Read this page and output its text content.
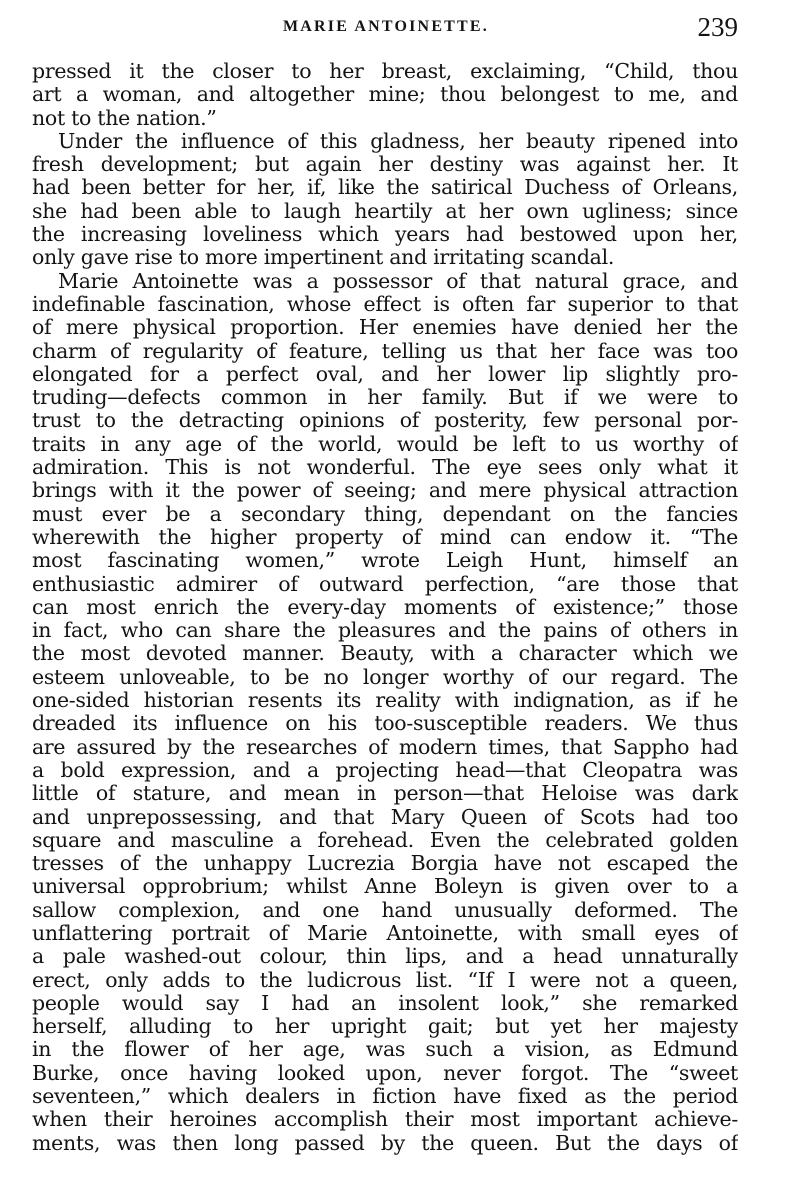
MARIE ANTOINETTE.	239
pressed it the closer to her breast, exclaiming, “Child, thou
art a woman, and altogether mine; thou belongest to me, and
not to the nation.”
Under the influence of this gladness, her beauty ripened into
fresh development; but again her destiny was against her. It
had been better for her, if, like the satirical Duchess of Orleans,
she had been able to laugh heartily at her own ugliness; since
the increasing loveliness which years had bestowed upon her,
only gave rise to more impertinent and irritating scandal.
Marie Antoinette was a possessor of that natural grace, and
indefinable fascination, whose effect is often far superior to that
of mere physical proportion. Her enemies have denied her the
charm of regularity of feature, telling us that her face was too
elongated for a perfect oval, and her lower lip slightly pro-
truding—defects common in her family. But if we were to
trust to the detracting opinions of posterity, few personal por-
traits in any age of the world, would be left to us worthy of
admiration. This is not wonderful. The eye sees only what it
brings with it the power of seeing; and mere physical attraction
must ever be a secondary thing, dependant on the fancies
wherewith the higher property of mind can endow it. “The
most fascinating women,” wrote Leigh Hunt, himself an
enthusiastic admirer of outward perfection, “are those that
can most enrich the every-day moments of existence;” those
in fact, who can share the pleasures and the pains of others in
the most devoted manner. Beauty, with a character which we
esteem unloveable, to be no longer worthy of our regard. The
one-sided historian resents its reality with indignation, as if he
dreaded its influence on his too-susceptible readers. We thus
are assured by the researches of modern times, that Sappho had
a bold expression, and a projecting head—that Cleopatra was
little of stature, and mean in person—that Heloise was dark
and unprepossessing, and that Mary Queen of Scots had too
square and masculine a forehead. Even the celebrated golden
tresses of the unhappy Lucrezia Borgia have not escaped the
universal opprobrium; whilst Anne Boleyn is given over to a
sallow complexion, and one hand unusually deformed. The
unflattering portrait of Marie Antoinette, with small eyes of
a pale washed-out colour, thin lips, and a head unnaturally
erect, only adds to the ludicrous list. “If I were not a queen,
people would say I had an insolent look,” she remarked
herself, alluding to her upright gait; but yet her majesty
in the flower of her age, was such a vision, as Edmund
Burke, once having looked upon, never forgot. The “sweet
seventeen,” which dealers in fiction have fixed as the period
when their heroines accomplish their most important achieve-
ments, was then long passed by the queen. But the days of
